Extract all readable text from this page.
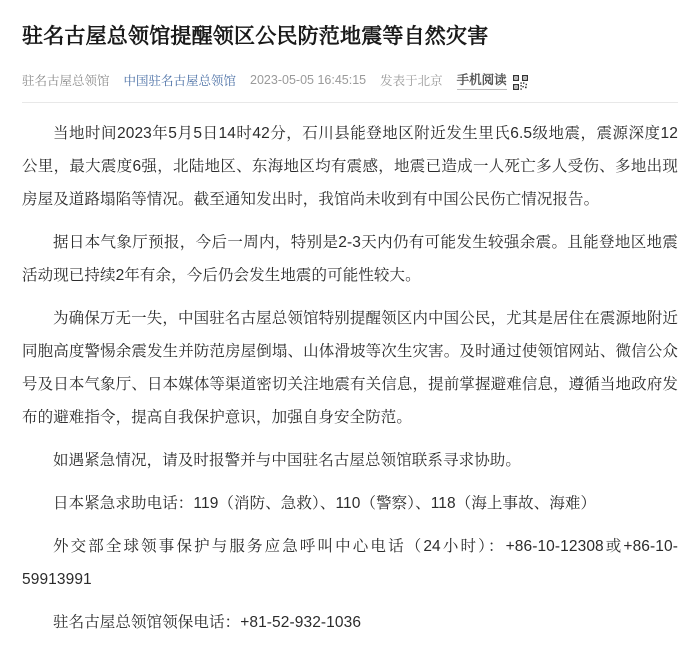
驻名古屋总领馆提醒领区公民防范地震等自然灾害
驻名古屋总领馆 中国驻名古屋总领馆 2023-05-05 16:45:15 发表于北京 手机阅读

当地时间2023年5月5日14时42分，石川县能登地区附近发生里氏6.5级地震，震源深度12公里，最大震度6强，北陆地区、东海地区均有震感，地震已造成一人死亡多人受伤、多地出现房屋及道路塌陷等情况。截至通知发出时，我馆尚未收到有中国公民伤亡情况报告。

据日本气象厅预报，今后一周内，特别是2-3天内仍有可能发生较强余震。且能登地区地震活动现已持续2年有余，今后仍会发生地震的可能性较大。

为确保万无一失，中国驻名古屋总领馆特别提醒领区内中国公民，尤其是居住在震源地附近同胞高度警惕余震发生并防范房屋倒塌、山体滑坡等次生灾害。及时通过使领馆网站、微信公众号及日本气象厅、日本媒体等渠道密切关注地震有关信息，提前掌握避难信息，遵循当地政府发布的避难指令，提高自我保护意识，加强自身安全防范。

如遇紧急情况，请及时报警并与中国驻名古屋总领馆联系寻求协助。

日本紧急求助电话：119（消防、急救）、110（警察）、118（海上事故、海难）

外交部全球领事保护与服务应急呼叫中心电话（24小时）：+86-10-12308或+86-10-59913991

驻名古屋总领馆领保电话：+81-52-932-1036
